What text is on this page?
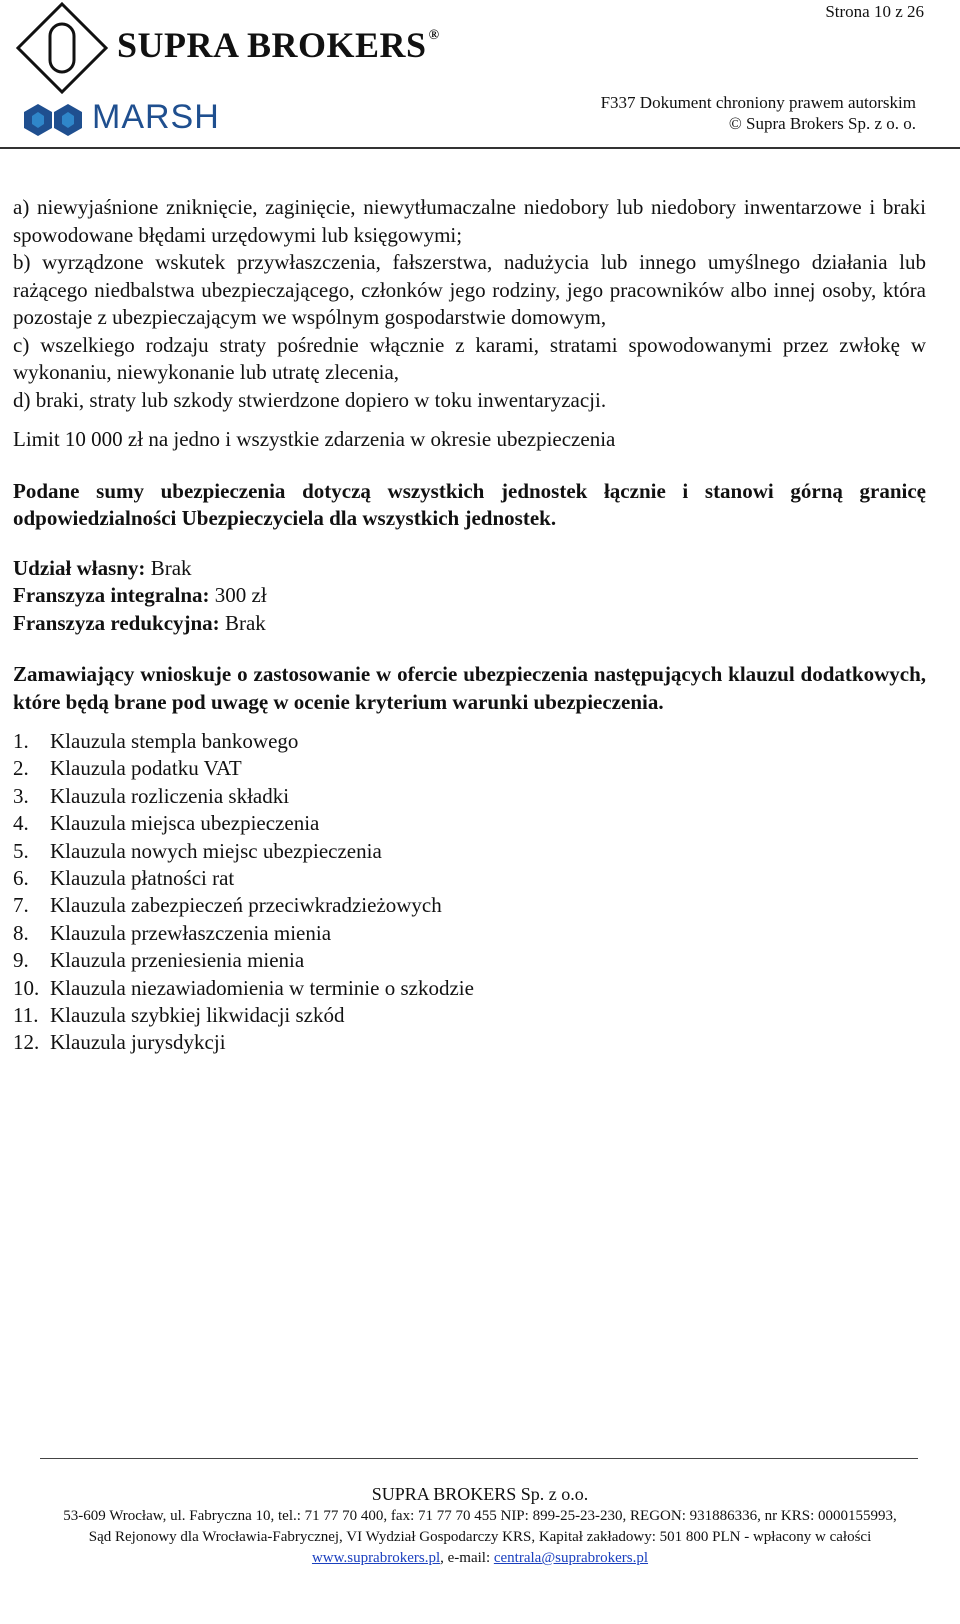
Strona 10 z 26
SUPRA BROKERS ®
MARSH	F337 Dokument chroniony prawem autorskim
© Supra Brokers Sp. z o. o.

a) niewyjaśnione zniknięcie, zaginięcie, niewytłumaczalne niedobory lub niedobory inwentarzowe i braki spowodowane błędami urzędowymi lub księgowymi;

b) wyrządzone wskutek przywłaszczenia, fałszerstwa, nadużycia lub innego umyślnego działania lub rażącego niedbalstwa ubezpieczającego, członków jego rodziny, jego pracowników albo innej osoby, która pozostaje z ubezpieczającym we wspólnym gospodarstwie domowym,

c) wszelkiego rodzaju straty pośrednie włącznie z karami, stratami spowodowanymi przez zwłokę w wykonaniu, niewykonanie lub utratę zlecenia,

d) braki, straty lub szkody stwierdzone dopiero w toku inwentaryzacji.

Limit 10 000 zł na jedno i wszystkie zdarzenia w okresie ubezpieczenia

Podane sumy ubezpieczenia dotyczą wszystkich jednostek łącznie i stanowi górną granicę odpowiedzialności Ubezpieczyciela dla wszystkich jednostek.

Udział własny: Brak
Franszyza integralna: 300 zł
Franszyza redukcyjna: Brak

Zamawiający wnioskuje o zastosowanie w ofercie ubezpieczenia następujących klauzul dodatkowych, które będą brane pod uwagę w ocenie kryterium warunki ubezpieczenia.

1.	Klauzula stempla bankowego
2.	Klauzula podatku VAT
3.	Klauzula rozliczenia składki
4.	Klauzula miejsca ubezpieczenia
5.	Klauzula nowych miejsc ubezpieczenia
6.	Klauzula płatności rat
7.	Klauzula zabezpieczeń przeciwkradzieżowych
8.	Klauzula przewłaszczenia mienia
9.	Klauzula przeniesienia mienia
10. Klauzula niezawiadomienia w terminie o szkodzie
11. Klauzula szybkiej likwidacji szkód
12. Klauzula jurysdykcji
SUPRA BROKERS Sp. z o.o.
53-609 Wrocław, ul. Fabryczna 10, tel.: 71 77 70 400, fax: 71 77 70 455 NIP: 899-25-23-230, REGON: 931886336, nr KRS: 0000155993,
Sąd Rejonowy dla Wrocławia-Fabrycznej, VI Wydział Gospodarczy KRS, Kapitał zakładowy: 501 800 PLN - wpłacony w całości
www.suprabrokers.pl, e-mail: centrala@suprabrokers.pl
